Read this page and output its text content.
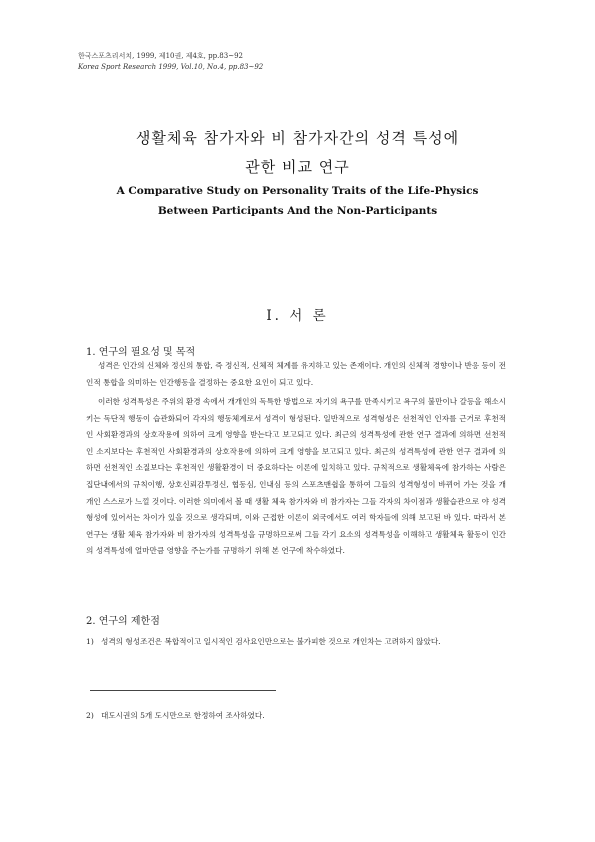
한국스포츠리서치, 1999, 제10권, 제4호, pp.83~92
Korea Sport Research 1999, Vol.10, No.4, pp.83~92
생활체육 참가자와 비 참가자간의 성격 특성에
관한 비교 연구
A Comparative Study on Personality Traits of the Life-Physics
Between Participants And the Non-Participants
Ⅰ. 서 론
1. 연구의 필요성 및 목적

성격은 인간의 신체와 정신의 통합, 즉 정신적, 신체적 체계를 유지하고 있는 존재이다. 개인의 신체적 경향이나 반응 등이 전인적 통합을 의미하는 인간행동을 결정하는 중요한 요인이 되고 있다.

이러한 성격특성은 주위의 환경 속에서 개개인의 독특한 방법으로 자기의 욕구를 만족시키고 욕구의 불만이나 갈등을 해소시키는 독단적 행동이 습관화되어 각자의 행동체계로서 성격이 형성된다. 일반적으로 성격형성은 선천적인 인자를 근거로 후천적인 사회환경과의 상호작용에 의하여 크게 영향을 받는다고 보고되고 있다. 최근의 성격특성에 관한 연구 결과에 의하면 선천적인 소지보다는 후천적인 사회환경과의 상호작용에 의하여 크게 영향을 보고되고 있다. 최근의 성격특성에 관한 연구 결과에 의하면 선천적인 소질보다는 후천적인 생활환경이 더 중요하다는 이론에 일치하고 있다. 규칙적으로 생활체육에 참가하는 사람은 집단내에서의 규칙이행, 상호신뢰감투정신, 협동심, 인내심 등의 스포츠맨쉽을 통하여 그들의 성격형성이 바뀌어 가는 것을 개개인 스스로가 느낄 것이다. 이러한 의미에서 볼 때 생활 체육 참가자와 비 참가자는 그들 각자의 차이점과 생활습관으로 야 성격형성에 있어서는 차이가 있을 것으로 생각되며, 이와 근접한 이론이 외국에서도 여러 학자들에 의해 보고된 바 있다. 따라서 본 연구는 생활 체육 참가자와 비 참가자의 성격특성을 규명하므로써 그들 각기 요소의 성격특성을 이해하고 생활체육 활동이 인간의 성격특성에 얼마만큼 영향을 주는가를 규명하기 위해 본 연구에 착수하였다.

2. 연구의 제한점
1) 성격의 형성조건은 복합적이고 일시적인 검사요인만으로는 불가피한 것으로 개인차는 고려하지 않았다.
2) 대도시권의 5개 도시만으로 한정하여 조사하였다.
